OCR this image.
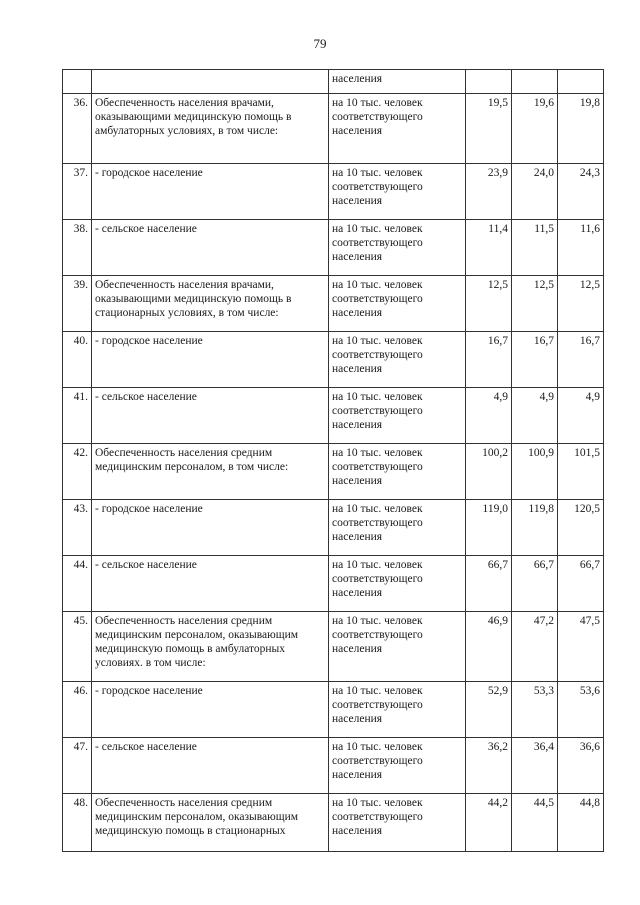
79
		населения			
36.	Обеспеченность населения врачами, оказывающими медицинскую помощь в амбулаторных условиях, в том числе:	на 10 тыс. человек соответствующего населения	19,5	19,6	19,8
37.	- городское население	на 10 тыс. человек соответствующего населения	23,9	24,0	24,3
38.	- сельское население	на 10 тыс. человек соответствующего населения	11,4	11,5	11,6
39.	Обеспеченность населения врачами, оказывающими медицинскую помощь в стационарных условиях, в том числе:	на 10 тыс. человек соответствующего населения	12,5	12,5	12,5
40.	- городское население	на 10 тыс. человек соответствующего населения	16,7	16,7	16,7
41.	- сельское население	на 10 тыс. человек соответствующего населения	4,9	4,9	4,9
42.	Обеспеченность населения средним медицинским персоналом, в том числе:	на 10 тыс. человек соответствующего населения	100,2	100,9	101,5
43.	- городское население	на 10 тыс. человек соответствующего населения	119,0	119,8	120,5
44.	- сельское население	на 10 тыс. человек соответствующего населения	66,7	66,7	66,7
45.	Обеспеченность населения средним медицинским персоналом, оказывающим медицинскую помощь в амбулаторных условиях. в том числе:	на 10 тыс. человек соответствующего населения	46,9	47,2	47,5
46.	- городское население	на 10 тыс. человек соответствующего населения	52,9	53,3	53,6
47.	- сельское население	на 10 тыс. человек соответствующего населения	36,2	36,4	36,6
48.	Обеспеченность населения средним медицинским персоналом, оказывающим медицинскую помощь в стационарных	на 10 тыс. человек соответствующего населения	44,2	44,5	44,8
